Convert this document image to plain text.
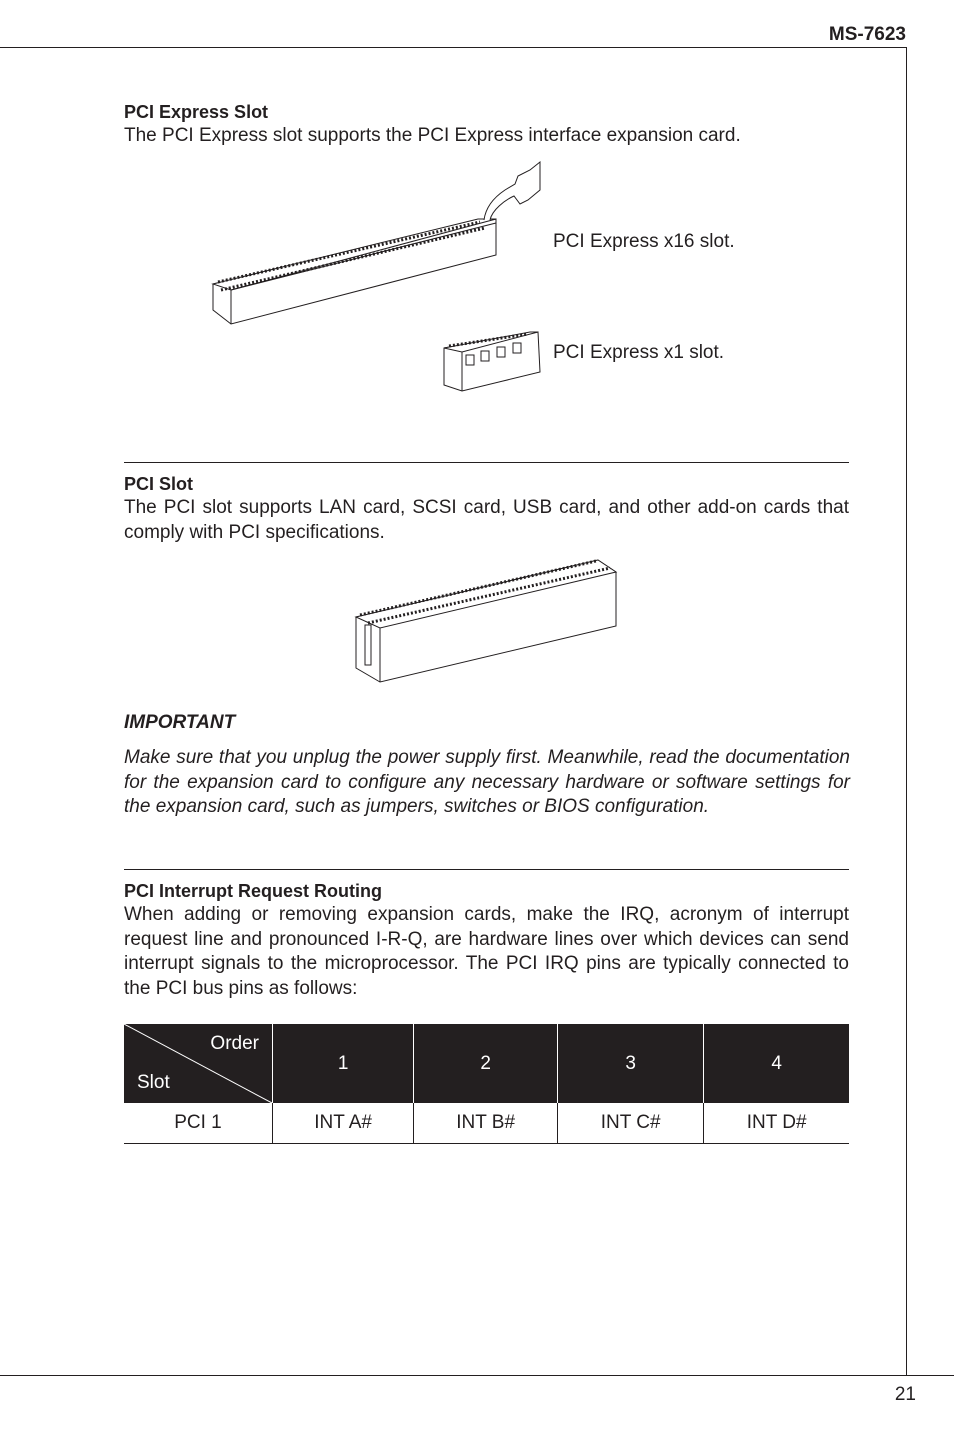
MS-7623
21
PCI Express Slot
The PCI Express slot supports the PCI Express interface expansion card.
PCI Express x16 slot.
PCI Express x1 slot.
PCI Slot
The PCI slot supports LAN card, SCSI card, USB card, and other add-on cards that comply with PCI specifications.
IMPORTANT
Make sure that you unplug the power supply first. Meanwhile, read the documentation for the expansion card to configure any necessary hardware or software settings for the expansion card, such as jumpers, switches or BIOS configuration.
PCI Interrupt Request Routing
When adding or removing expansion cards, make the IRQ, acronym of interrupt request line and pronounced I-R-Q, are hardware lines over which devices can send interrupt signals to the microprocessor. The PCI IRQ pins are typically connected to the PCI bus pins as follows:
Order
Slot	1	2	3	4
PCI 1	INT A#	INT B#	INT C#	INT D#
